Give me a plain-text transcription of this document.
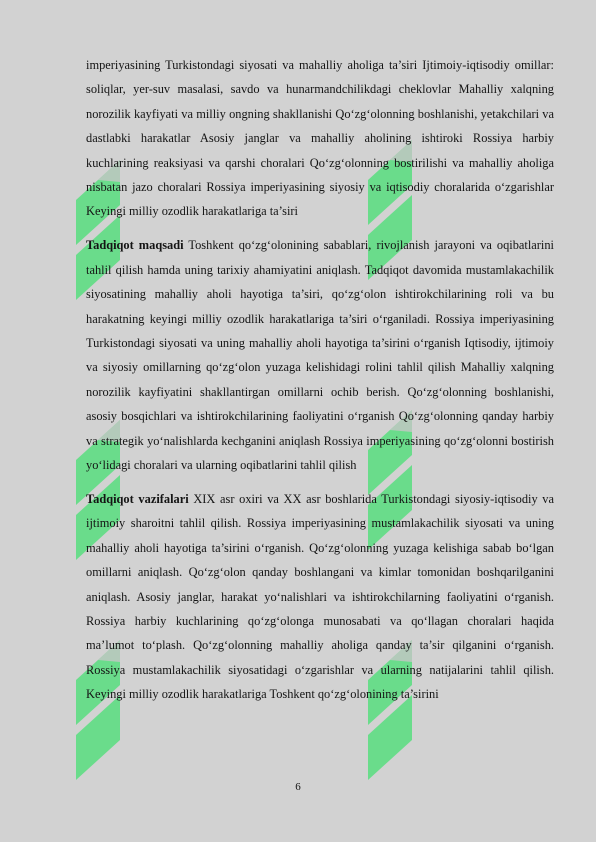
imperiyasining Turkistondagi siyosati va mahalliy aholiga ta’siri Ijtimoiy-iqtisodiy omillar: soliqlar, yer-suv masalasi, savdo va hunarmandchilikdagi cheklovlar Mahalliy xalqning norozilik kayfiyati va milliy ongning shakllanishi Qo‘zg‘olonning boshlanishi, yetakchilari va dastlabki harakatlar Asosiy janglar va mahalliy aholining ishtiroki Rossiya harbiy kuchlarining reaksiyasi va qarshi choralari Qo‘zg‘olonning bostirilishi va mahalliy aholiga nisbatan jazo choralari Rossiya imperiyasining siyosiy va iqtisodiy choralarida o‘zgarishlar Keyingi milliy ozodlik harakatlariga ta’siri

Tadqiqot maqsadi Toshkent qo‘zg‘olonining sabablari, rivojlanish jarayoni va oqibatlarini tahlil qilish hamda uning tarixiy ahamiyatini aniqlash. Tadqiqot davomida mustamlakachilik siyosatining mahalliy aholi hayotiga ta’siri, qo‘zg‘olon ishtirokchilarining roli va bu harakatning keyingi milliy ozodlik harakatlariga ta’siri o‘rganiladi. Rossiya imperiyasining Turkistondagi siyosati va uning mahalliy aholi hayotiga ta’sirini o‘rganish Iqtisodiy, ijtimoiy va siyosiy omillarning qo‘zg‘olon yuzaga kelishidagi rolini tahlil qilish Mahalliy xalqning norozilik kayfiyatini shakllantirgan omillarni ochib berish. Qo‘zg‘olonning boshlanishi, asosiy bosqichlari va ishtirokchilarining faoliyatini o‘rganish Qo‘zg‘olonning qanday harbiy va strategik yo‘nalishlarda kechganini aniqlash Rossiya imperiyasining qo‘zg‘olonni bostirish yo‘lidagi choralari va ularning oqibatlarini tahlil qilish

Tadqiqot vazifalari XIX asr oxiri va XX asr boshlarida Turkistondagi siyosiy-iqtisodiy va ijtimoiy sharoitni tahlil qilish. Rossiya imperiyasining mustamlakachilik siyosati va uning mahalliy aholi hayotiga ta’sirini o‘rganish. Qo‘zg‘olonning yuzaga kelishiga sabab bo‘lgan omillarni aniqlash. Qo‘zg‘olon qanday boshlangani va kimlar tomonidan boshqarilganini aniqlash. Asosiy janglar, harakat yo‘nalishlari va ishtirokchilarning faoliyatini o‘rganish. Rossiya harbiy kuchlarining qo‘zg‘olonga munosabati va qo‘llagan choralari haqida ma’lumot to‘plash. Qo‘zg‘olonning mahalliy aholiga qanday ta’sir qilganini o‘rganish. Rossiya mustamlakachilik siyosatidagi o‘zgarishlar va ularning natijalarini tahlil qilish. Keyingi milliy ozodlik harakatlariga Toshkent qo‘zg‘olonining ta’sirini

6
